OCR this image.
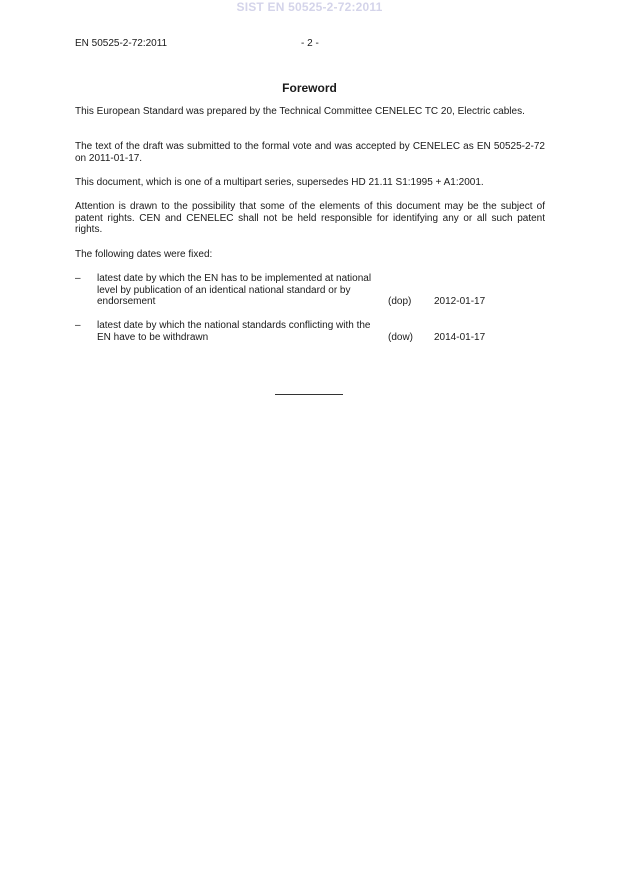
SIST EN 50525-2-72:2011
EN 50525-2-72:2011	- 2 -
Foreword

This European Standard was prepared by the Technical Committee CENELEC TC 20, Electric cables.

The text of the draft was submitted to the formal vote and was accepted by CENELEC as EN 50525-2-72 on 2011-01-17.

This document, which is one of a multipart series, supersedes HD 21.11 S1:1995 + A1:2001.

Attention is drawn to the possibility that some of the elements of this document may be the subject of patent rights. CEN and CENELEC shall not be held responsible for identifying any or all such patent rights.

The following dates were fixed:

– latest date by which the EN has to be implemented at national level by publication of an identical national standard or by endorsement	(dop) 2012-01-17
– latest date by which the national standards conflicting with the EN have to be withdrawn	(dow) 2014-01-17
